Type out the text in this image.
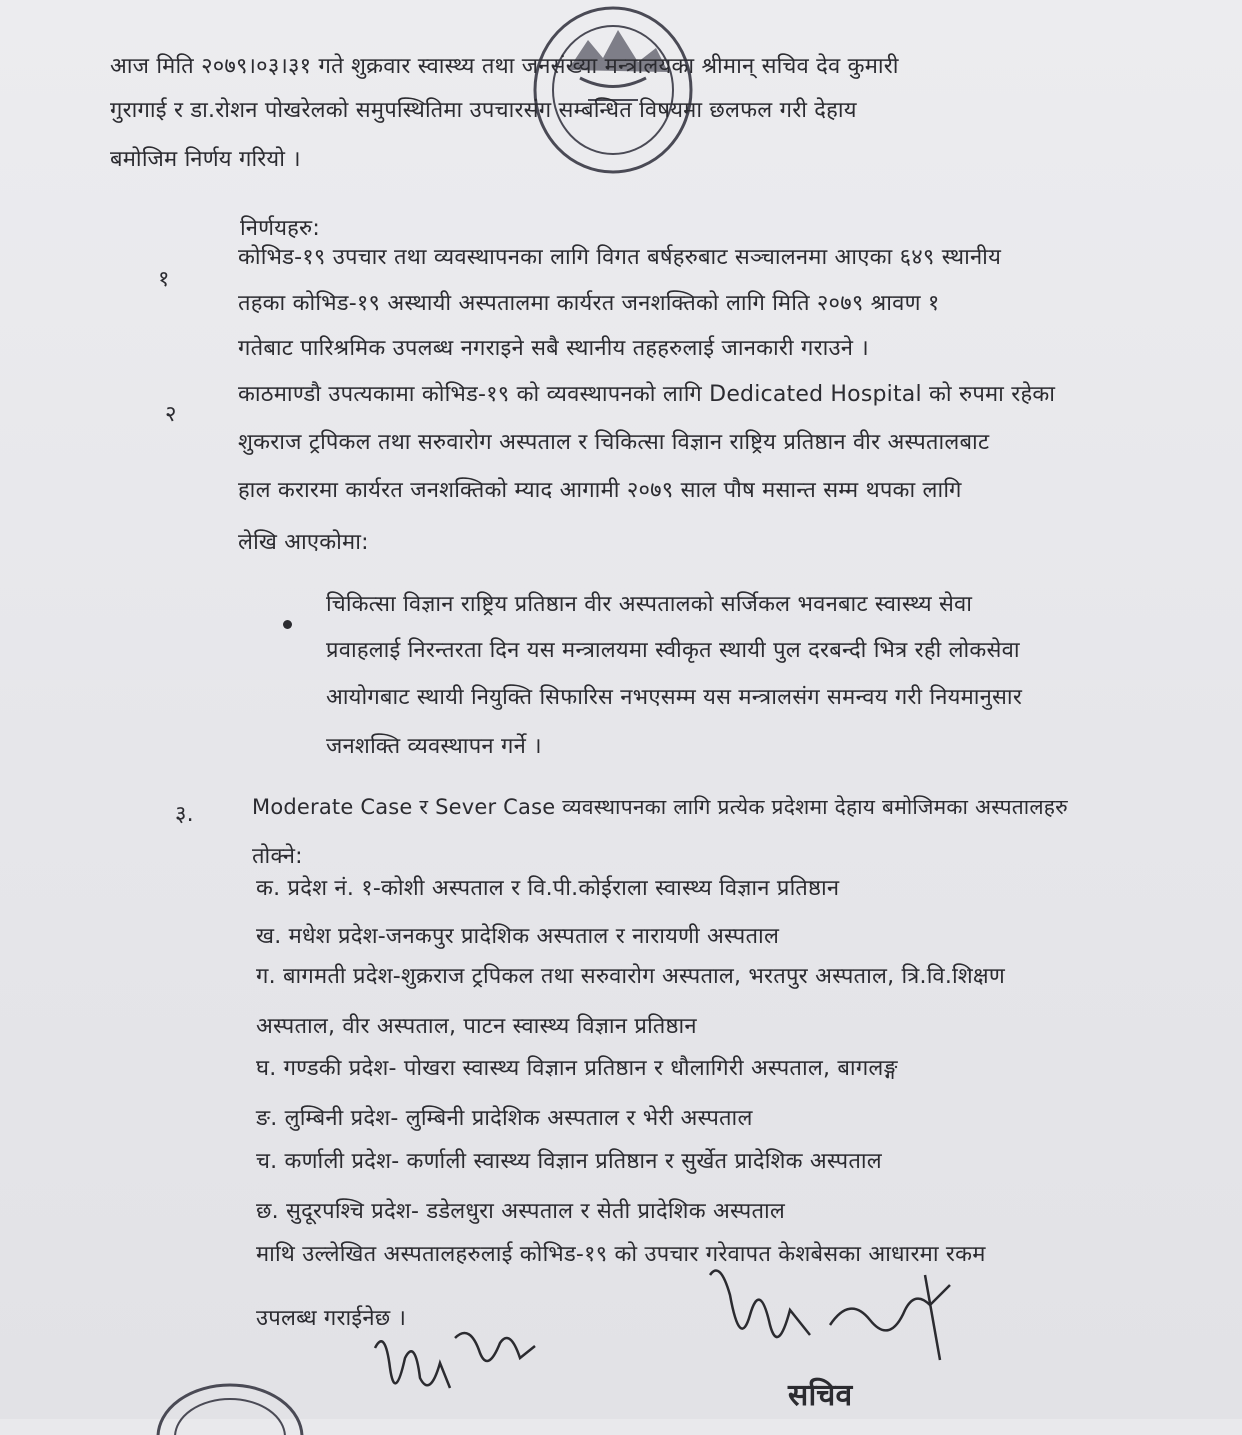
आज मिति २०७९।०३।३१ गते शुक्रवार स्वास्थ्य तथा जनसंख्या मन्त्रालयका श्रीमान् सचिव देव कुमारी
गुरागाई र डा.रोशन पोखरेलको समुपस्थितिमा उपचारसंग सम्बन्धित विषयमा छलफल गरी देहाय
बमोजिम निर्णय गरियो ।
निर्णयहरु:
१
कोभिड-१९ उपचार तथा व्यवस्थापनका लागि विगत बर्षहरुबाट सञ्चालनमा आएका ६४९ स्थानीय
तहका कोभिड-१९ अस्थायी अस्पतालमा कार्यरत जनशक्तिको लागि मिति २०७९ श्रावण १
गतेबाट पारिश्रमिक उपलब्ध नगराइने सबै स्थानीय तहहरुलाई जानकारी गराउने ।
२
काठमाण्डौ उपत्यकामा कोभिड-१९ को व्यवस्थापनको लागि Dedicated Hospital को रुपमा रहेका
शुकराज ट्रपिकल तथा सरुवारोग अस्पताल र चिकित्सा विज्ञान राष्ट्रिय प्रतिष्ठान वीर अस्पतालबाट
हाल करारमा कार्यरत जनशक्तिको म्याद आगामी २०७९ साल पौष मसान्त सम्म थपका लागि
लेखि आएकोमा:
चिकित्सा विज्ञान राष्ट्रिय प्रतिष्ठान वीर अस्पतालको सर्जिकल भवनबाट स्वास्थ्य सेवा
प्रवाहलाई निरन्तरता दिन यस मन्त्रालयमा स्वीकृत स्थायी पुल दरबन्दी भित्र रही लोकसेवा
आयोगबाट स्थायी नियुक्ति सिफारिस नभएसम्म यस मन्त्रालसंग समन्वय गरी नियमानुसार
जनशक्ति व्यवस्थापन गर्ने ।
३.	Moderate Case र Sever Case व्यवस्थापनका लागि प्रत्येक प्रदेशमा देहाय बमोजिमका अस्पतालहरु
तोक्ने:
क. प्रदेश नं. १-कोशी अस्पताल र वि.पी.कोईराला स्वास्थ्य विज्ञान प्रतिष्ठान
ख. मधेश प्रदेश-जनकपुर प्रादेशिक अस्पताल र नारायणी अस्पताल
ग. बागमती प्रदेश-शुक्रराज ट्रपिकल तथा सरुवारोग अस्पताल, भरतपुर अस्पताल, त्रि.वि.शिक्षण
अस्पताल, वीर अस्पताल, पाटन स्वास्थ्य विज्ञान प्रतिष्ठान
घ. गण्डकी प्रदेश- पोखरा स्वास्थ्य विज्ञान प्रतिष्ठान र धौलागिरी अस्पताल, बागलङ्ग
ङ. लुम्बिनी प्रदेश- लुम्बिनी प्रादेशिक अस्पताल र भेरी अस्पताल
च. कर्णाली प्रदेश- कर्णाली स्वास्थ्य विज्ञान प्रतिष्ठान र सुर्खेत प्रादेशिक अस्पताल
छ. सुदूरपश्चि प्रदेश- डडेलधुरा अस्पताल र सेती प्रादेशिक अस्पताल
माथि उल्लेखित अस्पतालहरुलाई कोभिड-१९ को उपचार गरेवापत केशबेसका आधारमा रकम
उपलब्ध गराईनेछ ।
सचिव
